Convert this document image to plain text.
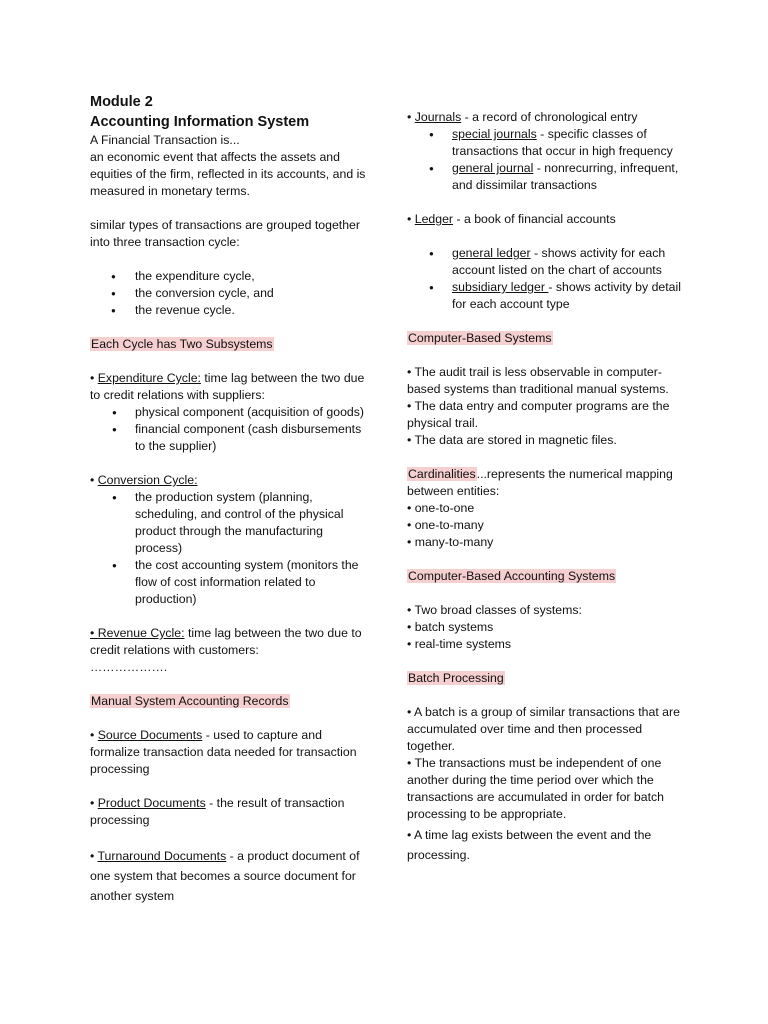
Module 2

Accounting Information System

A Financial Transaction is...

an economic event that affects the assets and equities of the firm, reflected in its accounts, and is measured in monetary terms.

similar types of transactions are grouped together into three transaction cycle:

● the expenditure cycle,
● the conversion cycle, and
● the revenue cycle.

Each Cycle has Two Subsystems

• Expenditure Cycle: time lag between the two due to credit relations with suppliers:

● physical component (acquisition of goods)
● financial component (cash disbursements to the supplier)

• Conversion Cycle:

● the production system (planning, scheduling, and control of the physical product through the manufacturing process)
● the cost accounting system (monitors the flow of cost information related to production)

• Revenue Cycle: time lag between the two due to credit relations with customers:

……………….

Manual System Accounting Records

• Source Documents - used to capture and formalize transaction data needed for transaction processing

• Product Documents - the result of transaction processing

• Turnaround Documents - a product document of one system that becomes a source document for another system

• Journals - a record of chronological entry

● special journals - specific classes of transactions that occur in high frequency
● general journal - nonrecurring, infrequent, and dissimilar transactions

• Ledger - a book of financial accounts

● general ledger - shows activity for each account listed on the chart of accounts
● subsidiary ledger - shows activity by detail for each account type

Computer-Based Systems

• The audit trail is less observable in computer-based systems than traditional manual systems.

• The data entry and computer programs are the physical trail.

• The data are stored in magnetic files.

Cardinalities...represents the numerical mapping between entities:

• one-to-one

• one-to-many

• many-to-many

Computer-Based Accounting Systems

• Two broad classes of systems:

• batch systems

• real-time systems

Batch Processing

• A batch is a group of similar transactions that are accumulated over time and then processed together.

• The transactions must be independent of one another during the time period over which the transactions are accumulated in order for batch processing to be appropriate.

• A time lag exists between the event and the processing.
